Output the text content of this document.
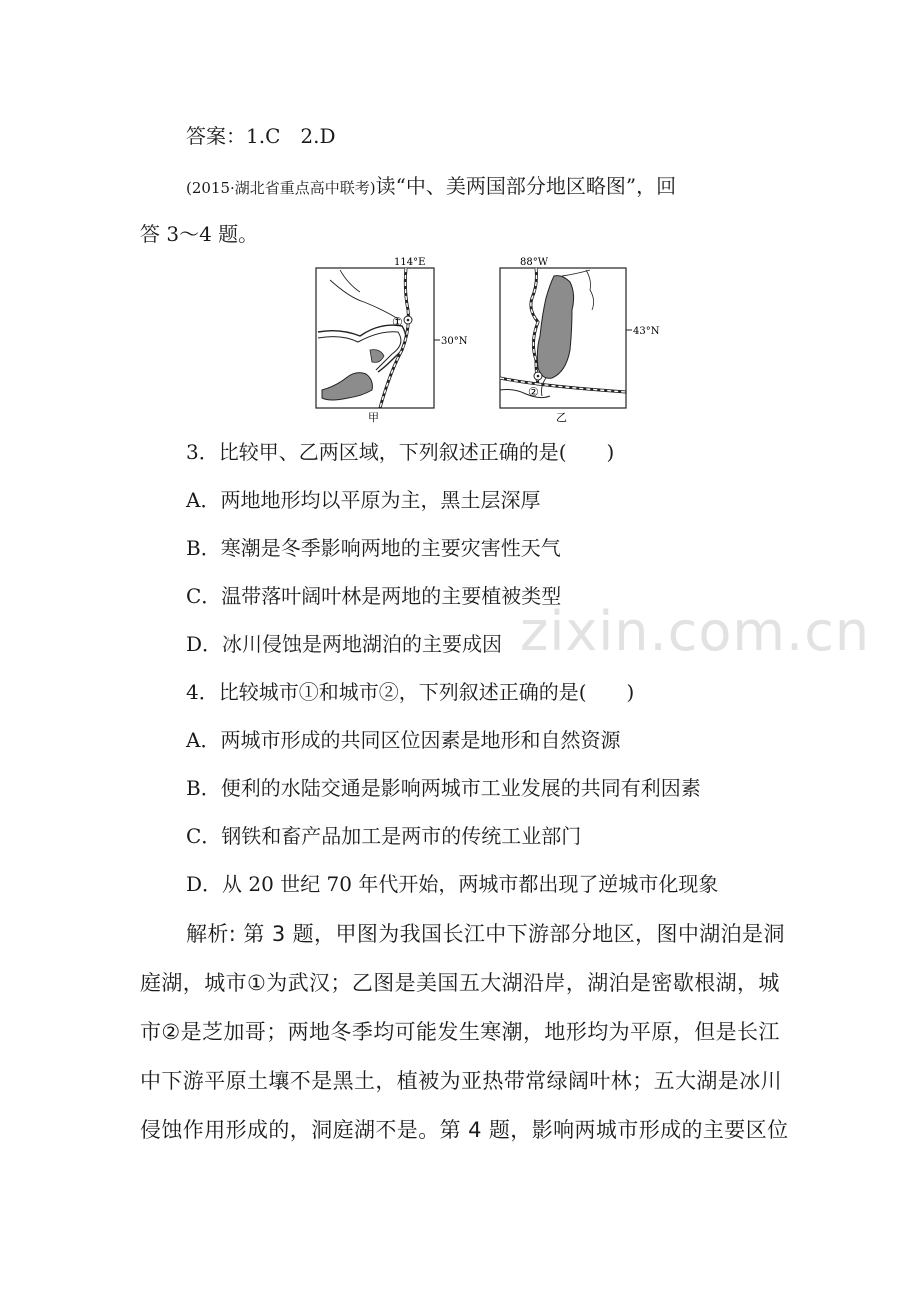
zixin.com.cn
答案：1.C　2.D
(2015·湖北省重点高中联考)读“中、美两国部分地区略图”，回
答 3～4 题。
114°E
30°N
①
甲
88°W
43°N
②
乙
3．比较甲、乙两区域，下列叙述正确的是(　　)
A．两地地形均以平原为主，黑土层深厚
B．寒潮是冬季影响两地的主要灾害性天气
C．温带落叶阔叶林是两地的主要植被类型
D．冰川侵蚀是两地湖泊的主要成因
4．比较城市①和城市②，下列叙述正确的是(　　)
A．两城市形成的共同区位因素是地形和自然资源
B．便利的水陆交通是影响两城市工业发展的共同有利因素
C．钢铁和畜产品加工是两市的传统工业部门
D．从 20 世纪 70 年代开始，两城市都出现了逆城市化现象
解析: 第 3 题，甲图为我国长江中下游部分地区，图中湖泊是洞
庭湖，城市①为武汉；乙图是美国五大湖沿岸，湖泊是密歇根湖，城
市②是芝加哥；两地冬季均可能发生寒潮，地形均为平原，但是长江
中下游平原土壤不是黑土，植被为亚热带常绿阔叶林；五大湖是冰川
侵蚀作用形成的，洞庭湖不是。第 4 题，影响两城市形成的主要区位
